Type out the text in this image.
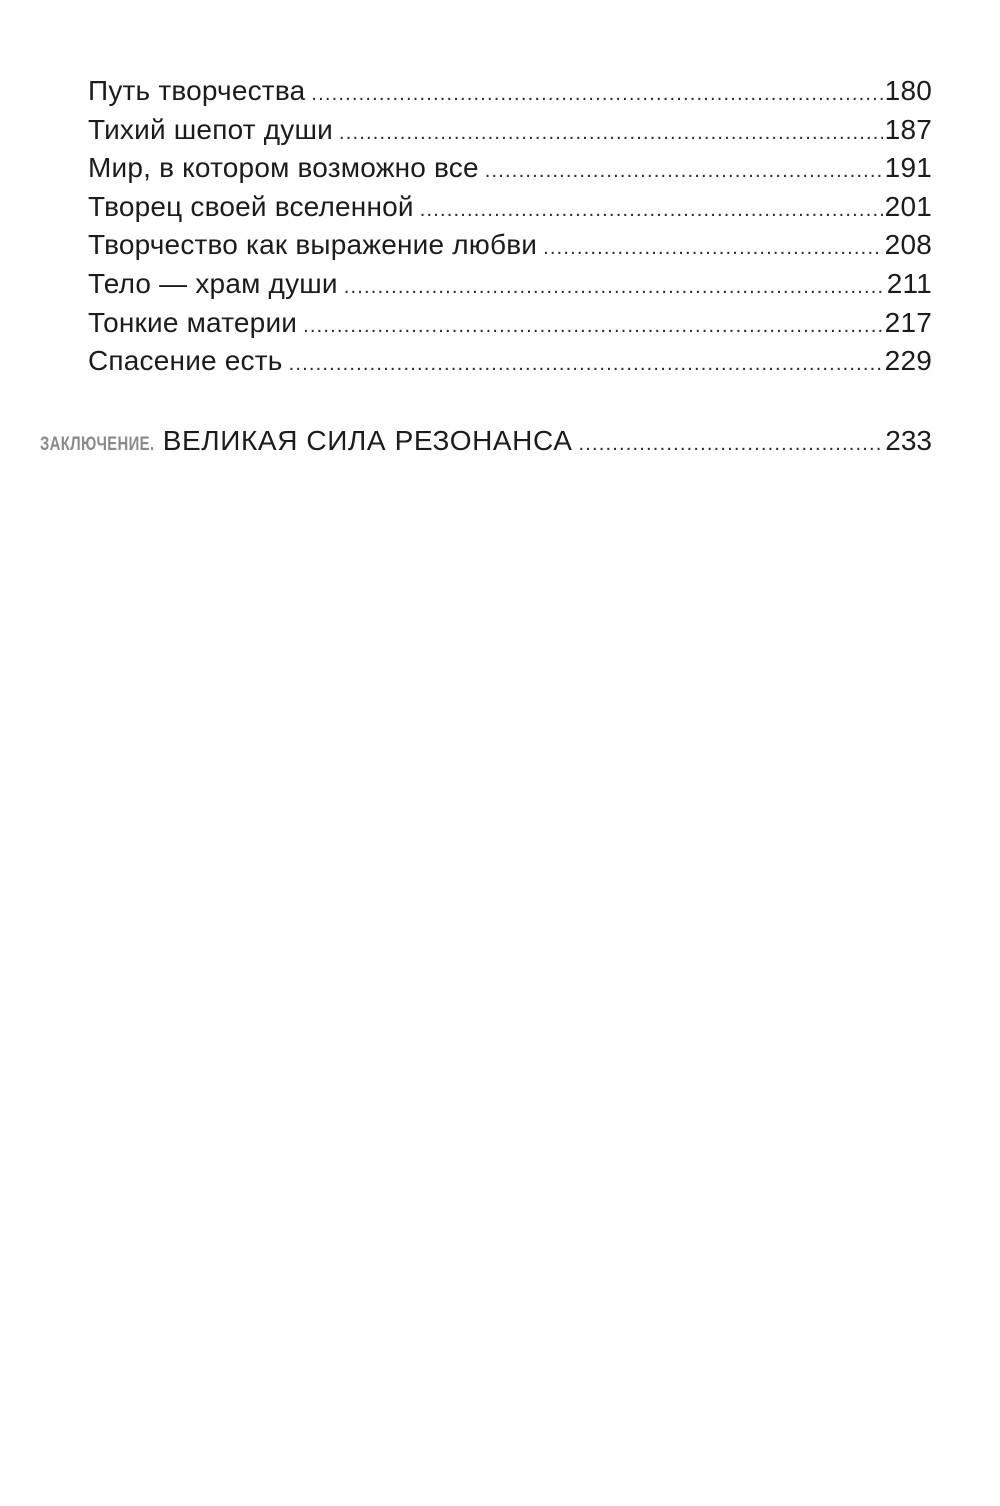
Путь творчества .....	180
Тихий шепот души .....	187
Мир, в котором возможно все .....	191
Творец своей вселенной .....	201
Творчество как выражение любви .....	208
Тело — храм души .....	211
Тонкие материи .....	217
Спасение есть .....	229
ЗАКЛЮЧЕНИЕ. ВЕЛИКАЯ СИЛА РЕЗОНАНСА .....	233
